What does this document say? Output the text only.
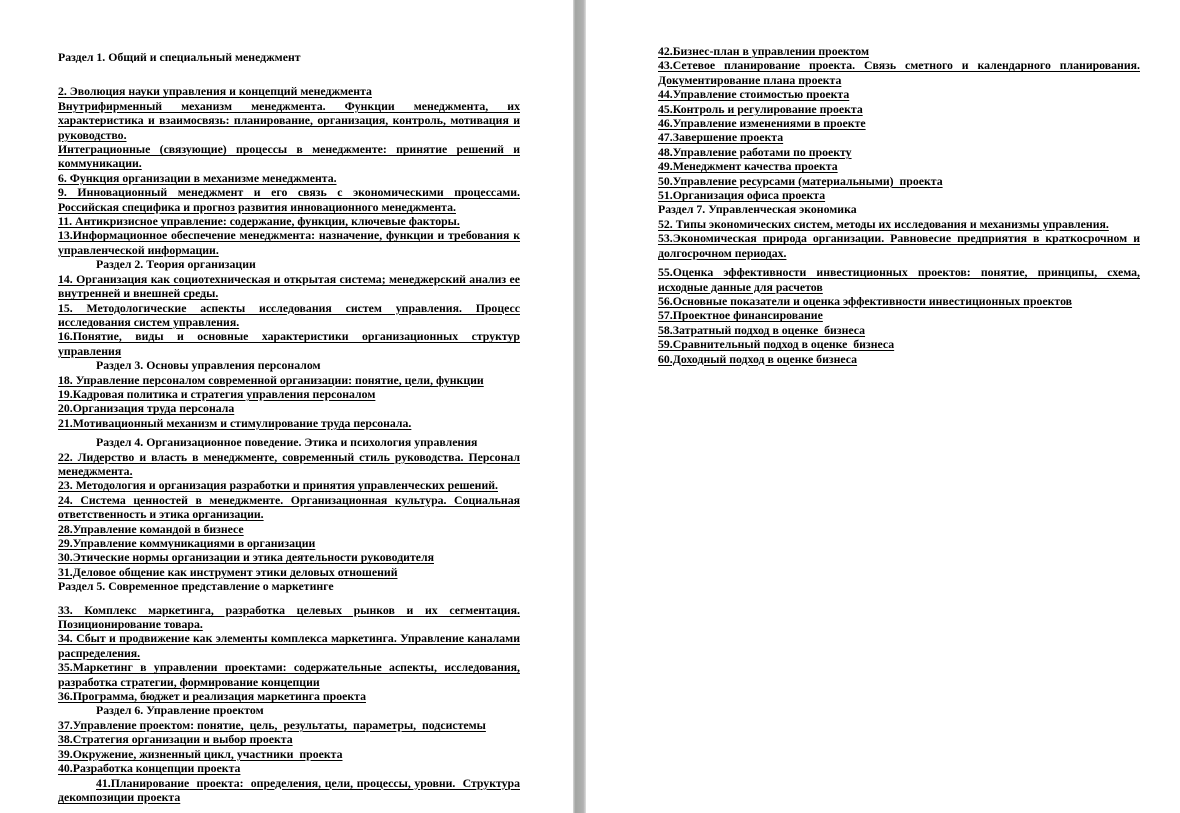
Раздел 1. Общий и специальный менеджмент

2. Эволюция науки управления и концепций менеджмента

Внутрифирменный механизм менеджмента. Функции менеджмента, их характеристика и взаимосвязь: планирование, организация, контроль, мотивация и руководство.

Интеграционные (связующие) процессы в менеджменте: принятие решений и коммуникации.

6. Функция организации в механизме менеджмента.

9. Инновационный менеджмент и его связь с экономическими процессами. Российская специфика и прогноз развития инновационного менеджмента.

11. Антикризисное управление: содержание, функции, ключевые факторы.

13.Информационное обеспечение менеджмента: назначение, функции и требования к управленческой информации.

Раздел 2. Теория организации

14. Организация как социотехническая и открытая система; менеджерский анализ ее внутренней и внешней среды.

15. Методологические аспекты исследования систем управления. Процесс исследования систем управления.

16.Понятие, виды и основные характеристики организационных структур управления

Раздел 3. Основы управления персоналом

18. Управление персоналом современной организации: понятие, цели, функции

19.Кадровая политика и стратегия управления персоналом

20.Организация труда персонала

21.Мотивационный механизм и стимулирование труда персонала.

Раздел 4. Организационное поведение. Этика и психология управления

22. Лидерство и власть в менеджменте, современный стиль руководства. Персонал менеджмента.

23. Методология и организация разработки и принятия управленческих решений.

24. Система ценностей в менеджменте. Организационная культура. Социальная ответственность и этика организации.

28.Управление командой в бизнесе

29.Управление коммуникациями в организации

30.Этические нормы организации и этика деятельности руководителя

31.Деловое общение как инструмент этики деловых отношений

Раздел 5. Современное представление о маркетинге

33. Комплекс маркетинга, разработка целевых рынков и их сегментация. Позиционирование товара.

34. Сбыт и продвижение как элементы комплекса маркетинга. Управление каналами распределения.

35.Маркетинг в управлении проектами: содержательные аспекты, исследования, разработка стратегии, формирование концепции

36.Программа, бюджет и реализация маркетинга проекта

Раздел 6. Управление проектом

37.Управление проектом: понятие,  цель,  результаты,  параметры,  подсистемы

38.Стратегия организации и выбор проекта

39.Окружение, жизненный цикл, участники  проекта

40.Разработка концепции проекта

41.Планирование  проекта:  определения, цели, процессы, уровни.  Структура декомпозиции проекта

42.Бизнес-план в управлении проектом

43.Сетевое планирование проекта. Связь сметного и календарного планирования. Документирование плана проекта

44.Управление стоимостью проекта

45.Контроль и регулирование проекта

46.Управление изменениями в проекте

47.Завершение проекта

48.Управление работами по проекту

49.Менеджмент качества проекта

50.Управление ресурсами (материальными)  проекта

51.Организация офиса проекта

Раздел 7. Управленческая экономика

52. Типы экономических систем, методы их исследования и механизмы управления.

53.Экономическая природа организации. Равновесие предприятия в краткосрочном и долгосрочном периодах.

55.Оценка эффективности инвестиционных проектов: понятие, принципы, схема, исходные данные для расчетов

56.Основные показатели и оценка эффективности инвестиционных проектов

57.Проектное финансирование

58.Затратный подход в оценке  бизнеса

59.Сравнительный подход в оценке  бизнеса

60.Доходный подход в оценке бизнеса
